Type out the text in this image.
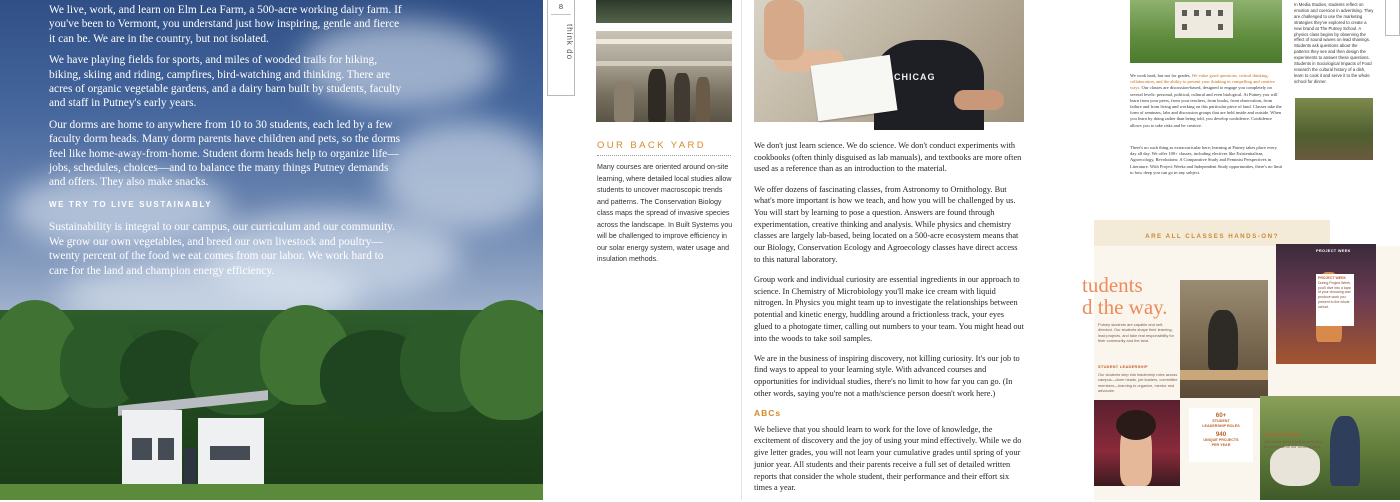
We live, work, and learn on Elm Lea Farm, a 500-acre working dairy farm. If you've been to Vermont, you understand just how inspiring, gentle and fierce it can be. We are in the country, but not isolated.

We have playing fields for sports, and miles of wooded trails for hiking, biking, skiing and riding, campfires, bird-watching and thinking. There are acres of organic vegetable gardens, and a dairy barn built by students, faculty and staff in Putney's early years.

Our dorms are home to anywhere from 10 to 30 students, each led by a few faculty dorm heads. Many dorm parents have children and pets, so the dorms feel like home-away-from-home. Student dorm heads help to organize life—jobs, schedules, choices—and to balance the many things Putney demands and offers. They also make snacks.

WE TRY TO LIVE SUSTAINABLY

Sustainability is integral to our campus, our curriculum and our community. We grow our own vegetables, and breed our own livestock and poultry—twenty percent of the food we eat comes from our labor. We work hard to care for the land and champion energy efficiency.

8
think do
CHICAG
OUR BACK YARD
Many courses are oriented around on-site learning, where detailed local studies allow students to uncover macroscopic trends and patterns. The Conservation Biology class maps the spread of invasive species across the landscape. In Built Systems you will be challenged to improve efficiency in our solar energy system, water usage and insulation methods.

We don't just learn science. We do science. We don't conduct experiments with cookbooks (often thinly disguised as lab manuals), and textbooks are more often used as a reference than as an introduction to the material.

We offer dozens of fascinating classes, from Astronomy to Ornithology. But what's more important is how we teach, and how you will be challenged by us. You will start by learning to pose a question. Answers are found through experimentation, creative thinking and analysis. While physics and chemistry classes are largely lab-based, being located on a 500-acre ecosystem means that our Biology, Conservation Ecology and Agroecology classes have direct access to this natural laboratory.

Group work and individual curiosity are essential ingredients in our approach to science. In Chemistry of Microbiology you'll make ice cream with liquid nitrogen. In Physics you might team up to investigate the relationships between potential and kinetic energy, huddling around a frictionless track, your eyes glued to a photogate timer, calling out numbers to your team. You might head out into the woods to take soil samples.

We are in the business of inspiring discovery, not killing curiosity. It's our job to find ways to appeal to your learning style. With advanced courses and opportunities for individual studies, there's no limit to how far you can go. (In other words, saying you're not a math/science person doesn't work here.)

ABCs

We believe that you should learn to work for the love of knowledge, the excitement of discovery and the joy of using your mind effectively. While we do give letter grades, you will not learn your cumulative grades until spring of your junior year. All students and their parents receive a full set of detailed written reports that consider the whole student, their performance and their effort six times a year.

In Media Studies, students reflect on emotion and coercion in advertising. They are challenged to use the marketing strategies they've explored to create a new brand at The Putney School. A physics class begins by observing the effect of sound waves on lead shavings. Students ask questions about the patterns they see and then design the experiments to answer these questions. Students in Sociological Impacts of Food research the cultural history of a dish, learn to cook it and serve it to the whole school for dinner.
We work hard, but not for grades. We value good questions, critical thinking, collaboration, and the ability to present your thinking in compelling and creative ways. Our classes are discussion-based, designed to engage you completely on several levels: personal, political, cultural and even biological. At Putney you will learn from your peers, from your teachers, from books, from observation, from failure and from living and working on this particular piece of land. Classes take the form of seminars, labs and discussion groups that are held inside and outside. When you learn by doing rather than being told, you develop confidence. Confidence allows you to take risks and be creative.
There's no such thing as extracurricular here; learning at Putney takes place every day all day. We offer 100+ classes, including electives like Existentialism, Agroecology, Revolutions: A Comparative Study and Feminist Perspectives in Literature. With Project Weeks and Independent Study opportunities, there's no limit to how deep you can go in any subject.
ARE ALL CLASSES HANDS-ON?
tudents
d the way.
Putney students are capable and self-directed. Our students shape their learning, lead projects, and take real responsibility for their community and the land.
STUDENT LEADERSHIP
Our students step into leadership roles across campus—dorm heads, job leaders, committee members—learning to organize, mentor and advocate.
PROJECT WEEK
60+
STUDENT
LEADERSHIP ROLES
940
UNIQUE PROJECTS
PER YEAR
FARM PROGRAM
Milk cows, tend gardens and care for livestock on our working farm.
PROJECT WEEK
During Project Week, you'll dive into a topic of your choosing and produce work you present to the whole school.
